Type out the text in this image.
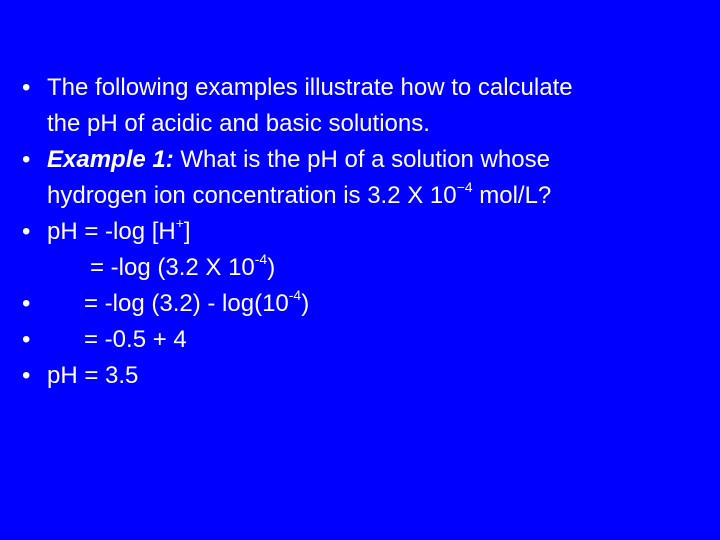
• The following examples illustrate how to calculate
the pH of acidic and basic solutions.
• Example 1: What is the pH of a solution whose
hydrogen ion concentration is 3.2 X $10^{-4}$ mol/L?
• pH = -log [H+]
= -log (3.2 X $10^{-4}$)
•	= -log $(3.2) - \log(10^{-4})$
•	= -0.5 + 4
• pH = 3.5
